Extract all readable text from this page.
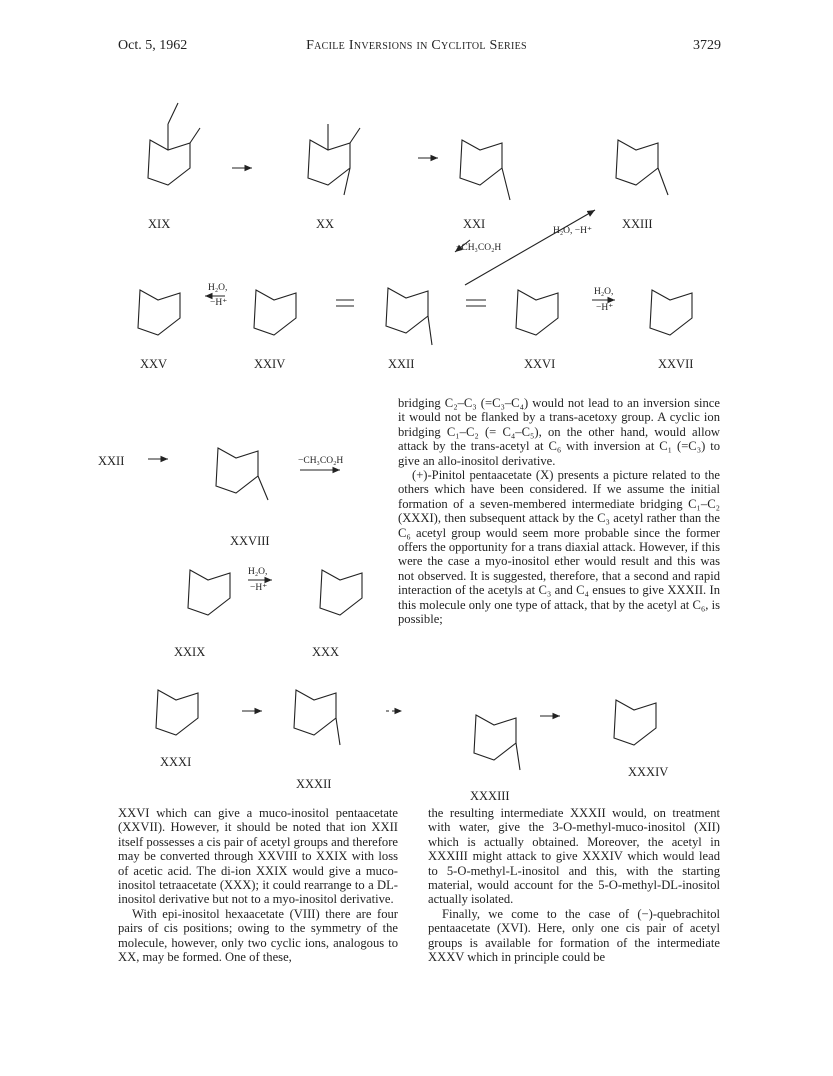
Oct. 5, 1962	Facile Inversions in Cyclitol Series	3729
XIX	XX	XXI	XXIII
XXV	XXIV	XXII	XXVI	XXVII
XXVIII
XXIX	XXX
XXXI
XXXII
XXXIII
XXXIV
XXII
−CH₃CO₂H
H₂O, −H⁺
H₂O,
−H⁺
H₂O,
−H⁺
−CH₃CO₂H
H₂O,
−H⁺

bridging C₂–C₃ (=C₃–C₄) would not lead to an inversion since it would not be flanked by a trans-acetoxy group. A cyclic ion bridging C₁–C₂ (= C₄–C₅), on the other hand, would allow attack by the trans-acetyl at C₆ with inversion at C₁ (=C₃) to give an allo-inositol derivative.

(+)-Pinitol pentaacetate (X) presents a picture related to the others which have been considered. If we assume the initial formation of a seven-membered intermediate bridging C₁–C₂ (XXXI), then subsequent attack by the C₃ acetyl rather than the C₆ acetyl group would seem more probable since the former offers the opportunity for a trans diaxial attack. However, if this were the case a myo-inositol ether would result and this was not observed. It is suggested, therefore, that a second and rapid interaction of the acetyls at C₃ and C₄ ensues to give XXXII. In this molecule only one type of attack, that by the acetyl at C₆, is possible;

XXVI which can give a muco-inositol pentaacetate (XXVII). However, it should be noted that ion XXII itself possesses a cis pair of acetyl groups and therefore may be converted through XXVIII to XXIX with loss of acetic acid. The di-ion XXIX would give a muco-inositol tetraacetate (XXX); it could rearrange to a DL-inositol derivative but not to a myo-inositol derivative.

With epi-inositol hexaacetate (VIII) there are four pairs of cis positions; owing to the symmetry of the molecule, however, only two cyclic ions, analogous to XX, may be formed. One of these,

the resulting intermediate XXXII would, on treatment with water, give the 3-O-methyl-muco-inositol (XII) which is actually obtained. Moreover, the acetyl in XXXIII might attack to give XXXIV which would lead to 5-O-methyl-L-inositol and this, with the starting material, would account for the 5-O-methyl-DL-inositol actually isolated.

Finally, we come to the case of (−)-quebrachitol pentaacetate (XVI). Here, only one cis pair of acetyl groups is available for formation of the intermediate XXXV which in principle could be
